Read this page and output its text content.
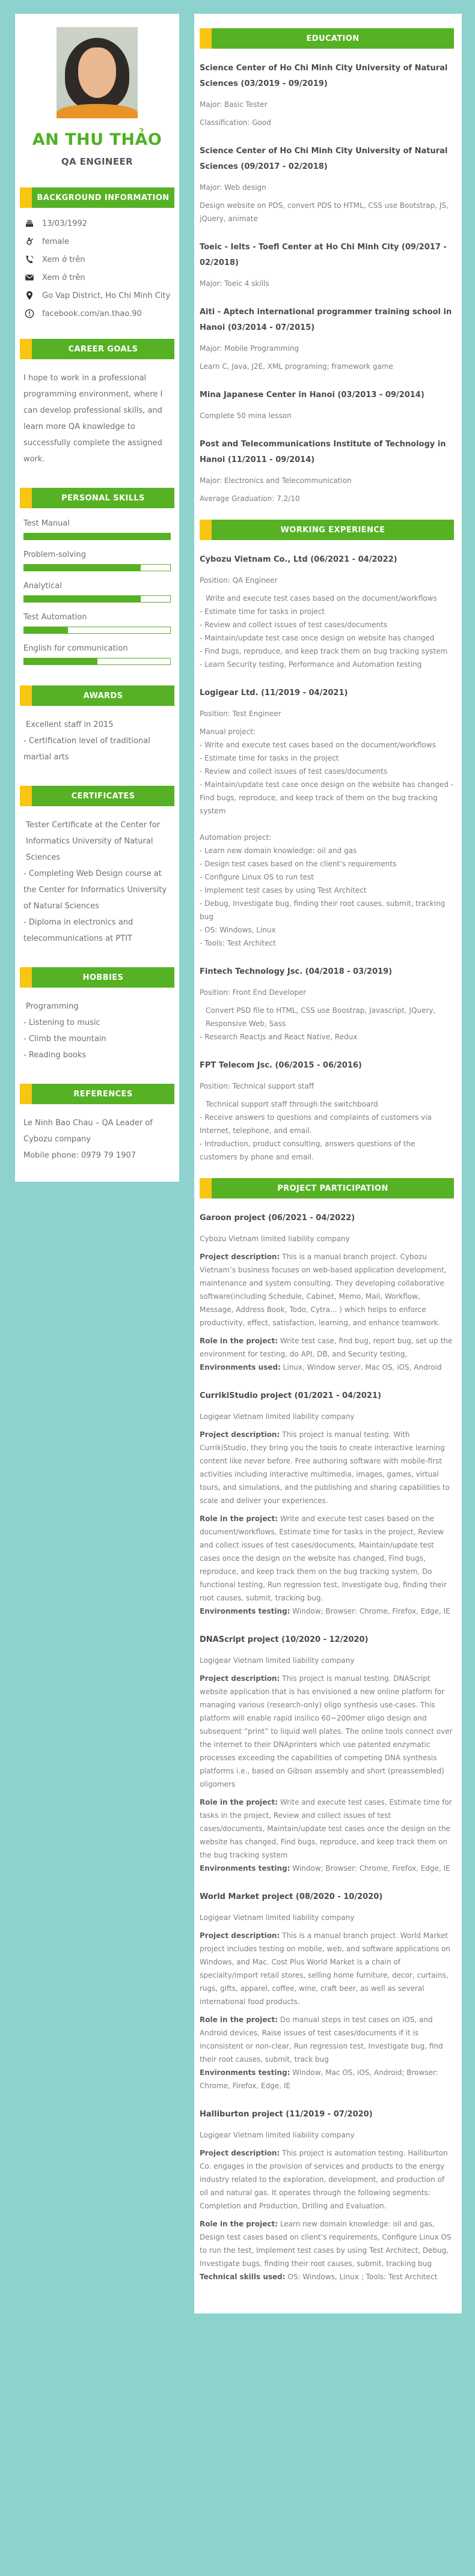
AN THU THẢO
QA ENGINEER
BACKGROUND INFORMATION
13/03/1992
female
Xem ở trên
Xem ở trên
Go Vap District, Ho Chi Minh City
facebook.com/an.thao.90
CAREER GOALS

I hope to work in a professional programming environment, where I can develop professional skills, and learn more QA knowledge to successfully complete the assigned work.

PERSONAL SKILLS
Test Manual
Problem-solving
Analytical
Test Automation
English for communication
AWARDS

Excellent staff in 2015

- Certification level of traditional martial arts

CERTIFICATES

Tester Certificate at the Center for Informatics University of Natural Sciences

- Completing Web Design course at the Center for Informatics University of Natural Sciences

- Diploma in electronics and telecommunications at PTIT

HOBBIES

Programming

- Listening to music

- Climb the mountain

- Reading books

REFERENCES

Le Ninh Bao Chau – QA Leader of Cybozu company

Mobile phone: 0979 79 1907

EDUCATION

Science Center of Ho Chi Minh City University of Natural Sciences (03/2019 - 09/2019)

Major: Basic Tester

Classification: Good

Science Center of Ho Chi Minh City University of Natural Sciences (09/2017 - 02/2018)

Major: Web design

Design website on PDS, convert PDS to HTML, CSS use Bootstrap, JS, jQuery, animate

Toeic - Ielts - Toefl Center at Ho Chi Minh City (09/2017 - 02/2018)

Major: Toeic 4 skills

Aiti - Aptech international programmer training school in Hanoi (03/2014 - 07/2015)

Major: Mobile Programming

Learn C, Java, J2E, XML programing; framework game

Mina Japanese Center in Hanoi (03/2013 - 09/2014)

Complete 50 mina lesson

Post and Telecommunications Institute of Technology in Hanoi (11/2011 - 09/2014)

Major: Electronics and Telecommunication

Average Graduation: 7.2/10

WORKING EXPERIENCE

Cybozu Vietnam Co., Ltd (06/2021 - 04/2022)

Position: QA Engineer

Write and execute test cases based on the document/workflows
- Estimate time for tasks in project
- Review and collect issues of test cases/documents
- Maintain/update test case once design on website has changed
- Find bugs, reproduce, and keep track them on bug tracking system
- Learn Security testing, Performance and Automation testing

Logigear Ltd. (11/2019 - 04/2021)

Position: Test Engineer

Manual project:
- Write and execute test cases based on the document/workflows
- Estimate time for tasks in the project
- Review and collect issues of test cases/documents
- Maintain/update test case once design on the website has changed - Find bugs, reproduce, and keep track of them on the bug tracking system
Automation project:
- Learn new domain knowledge: oil and gas
- Design test cases based on the client’s requirements
- Configure Linux OS to run test
- Implement test cases by using Test Architect
- Debug, Investigate bug, finding their root causes, submit, tracking bug
- OS: Windows, Linux
- Tools: Test Architect

Fintech Technology Jsc. (04/2018 - 03/2019)

Position: Front End Developer

Convert PSD file to HTML, CSS use Boostrap, Javascript, JQuery, Responsive Web, Sass
- Research Reactjs and React Native, Redux

FPT Telecom Jsc. (06/2015 - 06/2016)

Position: Technical support staff

Technical support staff through the switchboard
- Receive answers to questions and complaints of customers via Internet, telephone, and email.
- Introduction, product consulting, answers questions of the customers by phone and email.
PROJECT PARTICIPATION

Garoon project (06/2021 - 04/2022)

Cybozu Vietnam limited liability company

Project description: This is a manual branch project. Cybozu Vietnam’s business focuses on web-based application development, maintenance and system consulting. They developing collaborative software(including Schedule, Cabinet, Memo, Mail, Workflow, Message, Address Book, Todo, Cytra... ) which helps to enforce productivity, effect, satisfaction, learning, and enhance teamwork.

Role in the project: Write test case, find bug, report bug, set up the environment for testing, do API, DB, and Security testing,

Environments used: Linux, Window server, Mac OS, iOS, Android

CurrikiStudio project (01/2021 - 04/2021)

Logigear Vietnam limited liability company

Project description: This project is manual testing. With CurrikiStudio, they bring you the tools to create interactive learning content like never before. Free authoring software with mobile-first activities including interactive multimedia, images, games, virtual tours, and simulations, and the publishing and sharing capabilities to scale and deliver your experiences.

Role in the project: Write and execute test cases based on the document/workflows, Estimate time for tasks in the project, Review and collect issues of test cases/documents, Maintain/update test cases once the design on the website has changed, Find bugs, reproduce, and keep track them on the bug tracking system, Do functional testing, Run regression test, Investigate bug, finding their root causes, submit, tracking bug.

Environments testing: Window; Browser: Chrome, Firefox, Edge, IE

DNAScript project (10/2020 - 12/2020)

Logigear Vietnam limited liability company

Project description: This project is manual testing. DNAScript website application that is has envisioned a new online platform for managing various (research-only) oligo synthesis use-cases. This platform will enable rapid insilico 60~200mer oligo design and subsequent “print” to liquid well plates. The online tools connect over the internet to their DNAprinters which use patented enzymatic processes exceeding the capabilities of competing DNA synthesis platforms i.e., based on Gibson assembly and short (preassembled) oligomers

Role in the project: Write and execute test cases, Estimate time for tasks in the project, Review and collect issues of test cases/documents, Maintain/update test cases once the design on the website has changed, Find bugs, reproduce, and keep track them on the bug tracking system

Environments testing: Window; Browser: Chrome, Firefox, Edge, IE

World Market project (08/2020 - 10/2020)

Logigear Vietnam limited liability company

Project description: This is a manual branch project. World Market project includes testing on mobile, web, and software applications on Windows, and Mac. Cost Plus World Market is a chain of specialty/import retail stores, selling home furniture, decor, curtains, rugs, gifts, apparel, coffee, wine, craft beer, as well as several international food products.

Role in the project: Do manual steps in test cases on iOS, and Android devices, Raise issues of test cases/documents if it is inconsistent or non-clear, Run regression test, Investigate bug, find their root causes, submit, track bug

Environments testing: Window, Mac OS, iOS, Android; Browser: Chrome, Firefox, Edge, IE

Halliburton project (11/2019 - 07/2020)

Logigear Vietnam limited liability company

Project description: This project is automation testing. Halliburton Co. engages in the provision of services and products to the energy industry related to the exploration, development, and production of oil and natural gas. It operates through the following segments: Completion and Production, Drilling and Evaluation.

Role in the project: Learn new domain knowledge: oil and gas, Design test cases based on client’s requirements, Configure Linux OS to run the test, Implement test cases by using Test Architect, Debug, Investigate bugs, finding their root causes, submit, tracking bug

Technical skills used: OS: Windows, Linux ; Tools: Test Architect
